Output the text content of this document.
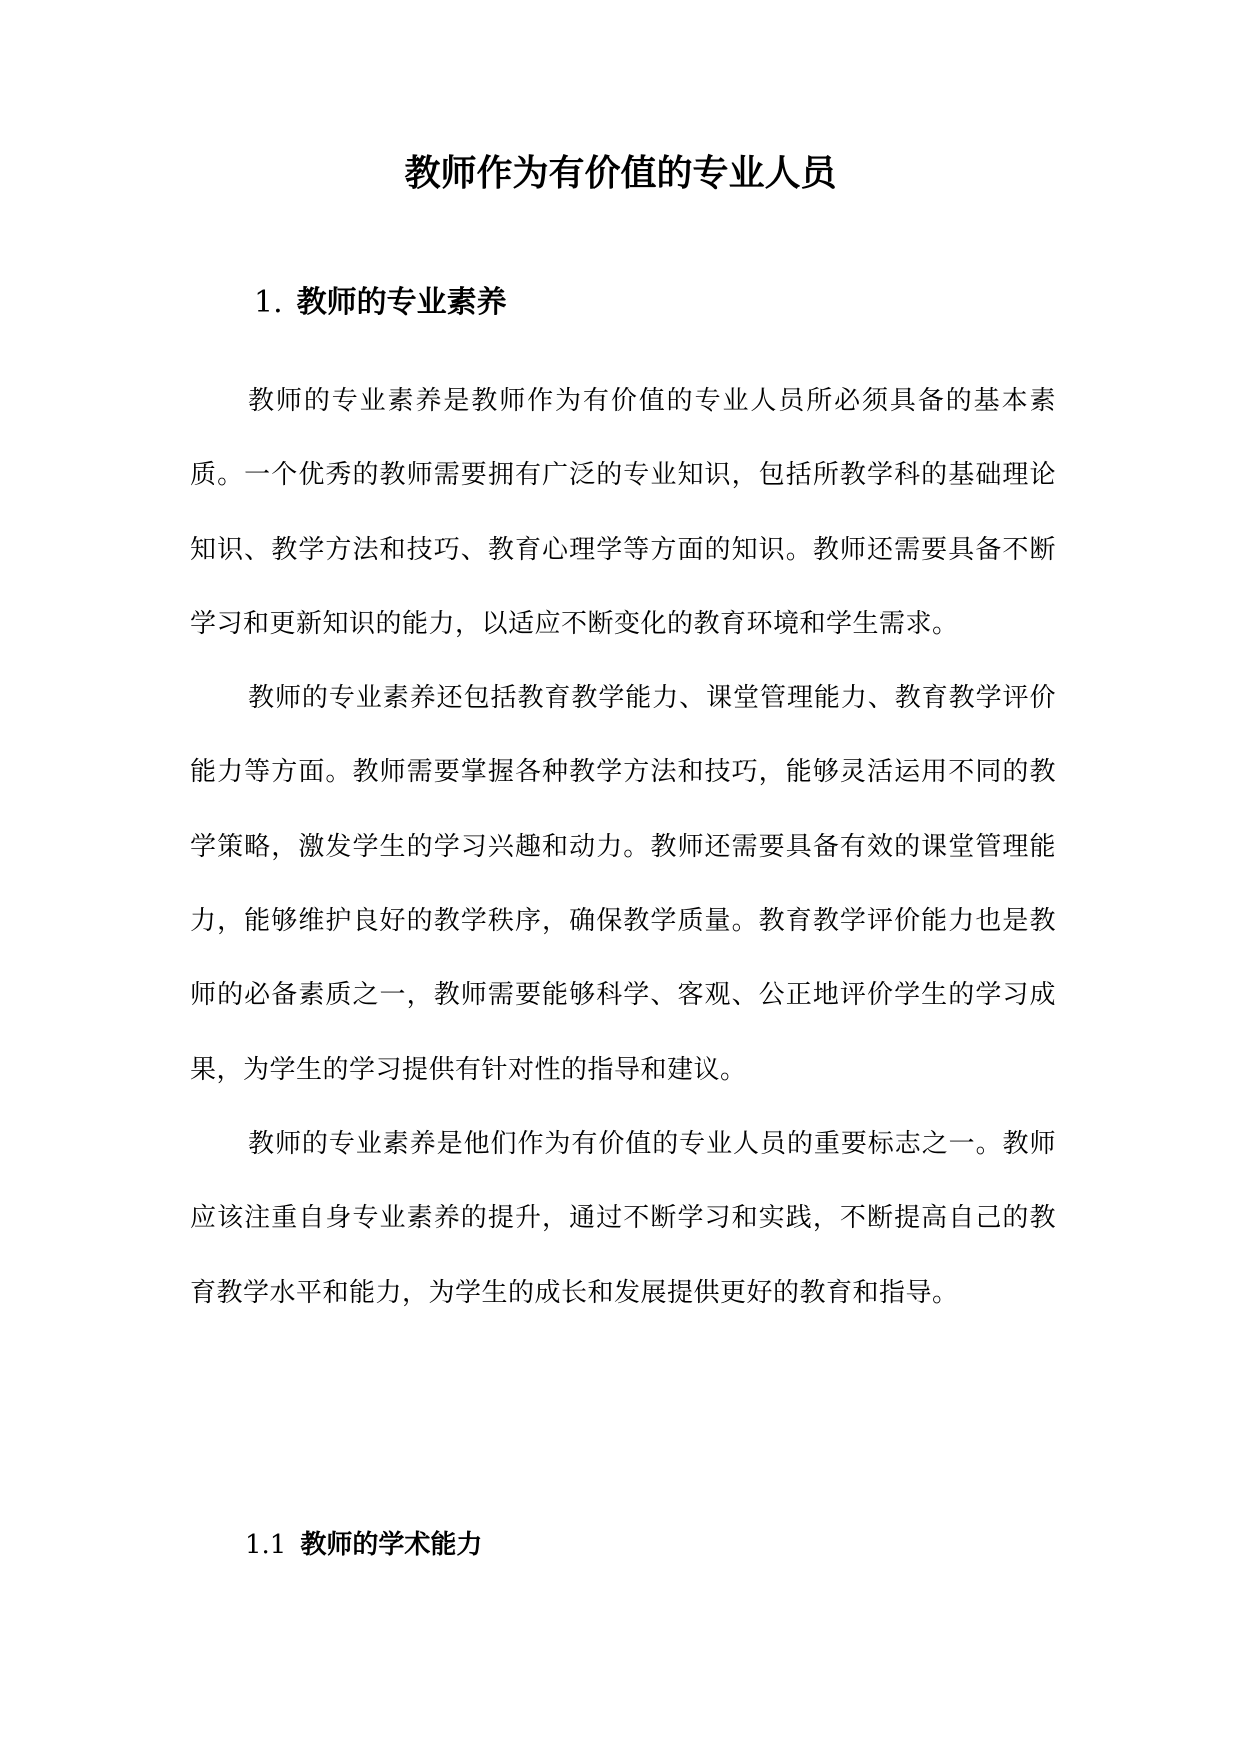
教师作为有价值的专业人员
1. 教师的专业素养

教师的专业素养是教师作为有价值的专业人员所必须具备的基本素质。一个优秀的教师需要拥有广泛的专业知识，包括所教学科的基础理论知识、教学方法和技巧、教育心理学等方面的知识。教师还需要具备不断学习和更新知识的能力，以适应不断变化的教育环境和学生需求。

教师的专业素养还包括教育教学能力、课堂管理能力、教育教学评价能力等方面。教师需要掌握各种教学方法和技巧，能够灵活运用不同的教学策略，激发学生的学习兴趣和动力。教师还需要具备有效的课堂管理能力，能够维护良好的教学秩序，确保教学质量。教育教学评价能力也是教师的必备素质之一，教师需要能够科学、客观、公正地评价学生的学习成果，为学生的学习提供有针对性的指导和建议。

教师的专业素养是他们作为有价值的专业人员的重要标志之一。教师应该注重自身专业素养的提升，通过不断学习和实践，不断提高自己的教育教学水平和能力，为学生的成长和发展提供更好的教育和指导。

1.1 教师的学术能力
